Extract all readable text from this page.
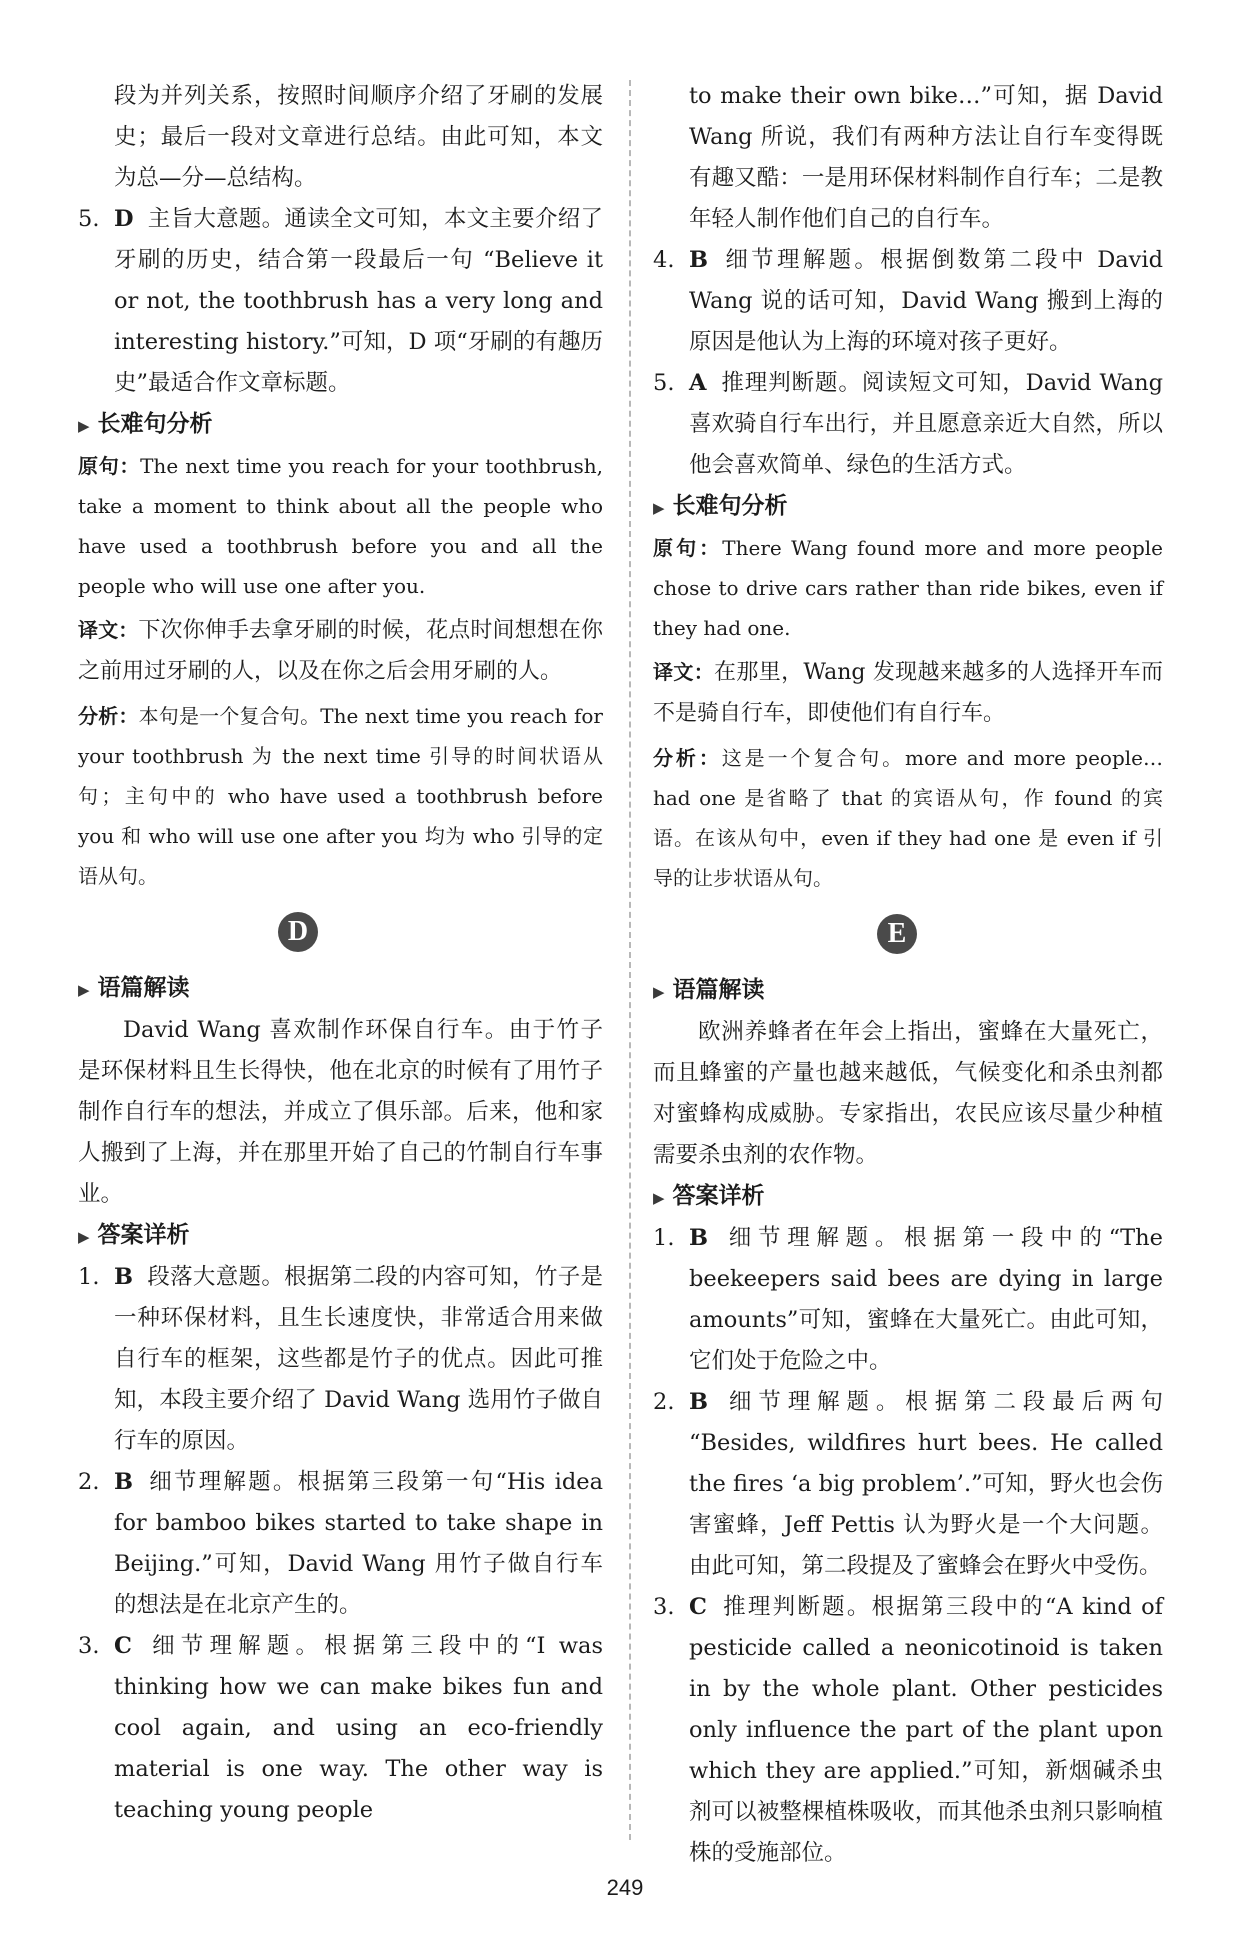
段为并列关系，按照时间顺序介绍了牙刷的发展史；最后一段对文章进行总结。由此可知，本文为总—分—总结构。

5. D 主旨大意题。通读全文可知，本文主要介绍了牙刷的历史，结合第一段最后一句 “Believe it or not, the toothbrush has a very long and interesting history.”可知，D 项“牙刷的有趣历史”最适合作文章标题。

▶ 长难句分析

原句：The next time you reach for your toothbrush, take a moment to think about all the people who have used a toothbrush before you and all the people who will use one after you.

译文：下次你伸手去拿牙刷的时候，花点时间想想在你之前用过牙刷的人，以及在你之后会用牙刷的人。

分析：本句是一个复合句。The next time you reach for your toothbrush 为 the next time 引导的时间状语从句；主句中的 who have used a toothbrush before you 和 who will use one after you 均为 who 引导的定语从句。

D

▶ 语篇解读

David Wang 喜欢制作环保自行车。由于竹子是环保材料且生长得快，他在北京的时候有了用竹子制作自行车的想法，并成立了俱乐部。后来，他和家人搬到了上海，并在那里开始了自己的竹制自行车事业。

▶ 答案详析

1. B 段落大意题。根据第二段的内容可知，竹子是一种环保材料，且生长速度快，非常适合用来做自行车的框架，这些都是竹子的优点。因此可推知，本段主要介绍了 David Wang 选用竹子做自行车的原因。
2. B 细节理解题。根据第三段第一句“His idea for bamboo bikes started to take shape in Beijing.”可知，David Wang 用竹子做自行车的想法是在北京产生的。
3. C 细节理解题。根据第三段中的“I was thinking how we can make bikes fun and cool again, and using an eco-friendly material is one way. The other way is teaching young people

to make their own bike…”可知，据 David Wang 所说，我们有两种方法让自行车变得既有趣又酷：一是用环保材料制作自行车；二是教年轻人制作他们自己的自行车。

4. B 细节理解题。根据倒数第二段中 David Wang 说的话可知，David Wang 搬到上海的原因是他认为上海的环境对孩子更好。
5. A 推理判断题。阅读短文可知，David Wang 喜欢骑自行车出行，并且愿意亲近大自然，所以他会喜欢简单、绿色的生活方式。

▶ 长难句分析

原句：There Wang found more and more people chose to drive cars rather than ride bikes, even if they had one.

译文：在那里，Wang 发现越来越多的人选择开车而不是骑自行车，即使他们有自行车。

分析：这是一个复合句。more and more people… had one 是省略了 that 的宾语从句，作 found 的宾语。在该从句中，even if they had one 是 even if 引导的让步状语从句。

E

▶ 语篇解读

欧洲养蜂者在年会上指出，蜜蜂在大量死亡，而且蜂蜜的产量也越来越低，气候变化和杀虫剂都对蜜蜂构成威胁。专家指出，农民应该尽量少种植需要杀虫剂的农作物。

▶ 答案详析

1. B 细节理解题。根据第一段中的“The beekeepers said bees are dying in large amounts”可知，蜜蜂在大量死亡。由此可知，它们处于危险之中。
2. B 细节理解题。根据第二段最后两句 “Besides, wildfires hurt bees. He called the fires ‘a big problem’.”可知，野火也会伤害蜜蜂，Jeff Pettis 认为野火是一个大问题。由此可知，第二段提及了蜜蜂会在野火中受伤。
3. C 推理判断题。根据第三段中的“A kind of pesticide called a neonicotinoid is taken in by the whole plant. Other pesticides only influence the part of the plant upon which they are applied.”可知，新烟碱杀虫剂可以被整棵植株吸收，而其他杀虫剂只影响植株的受施部位。
249
